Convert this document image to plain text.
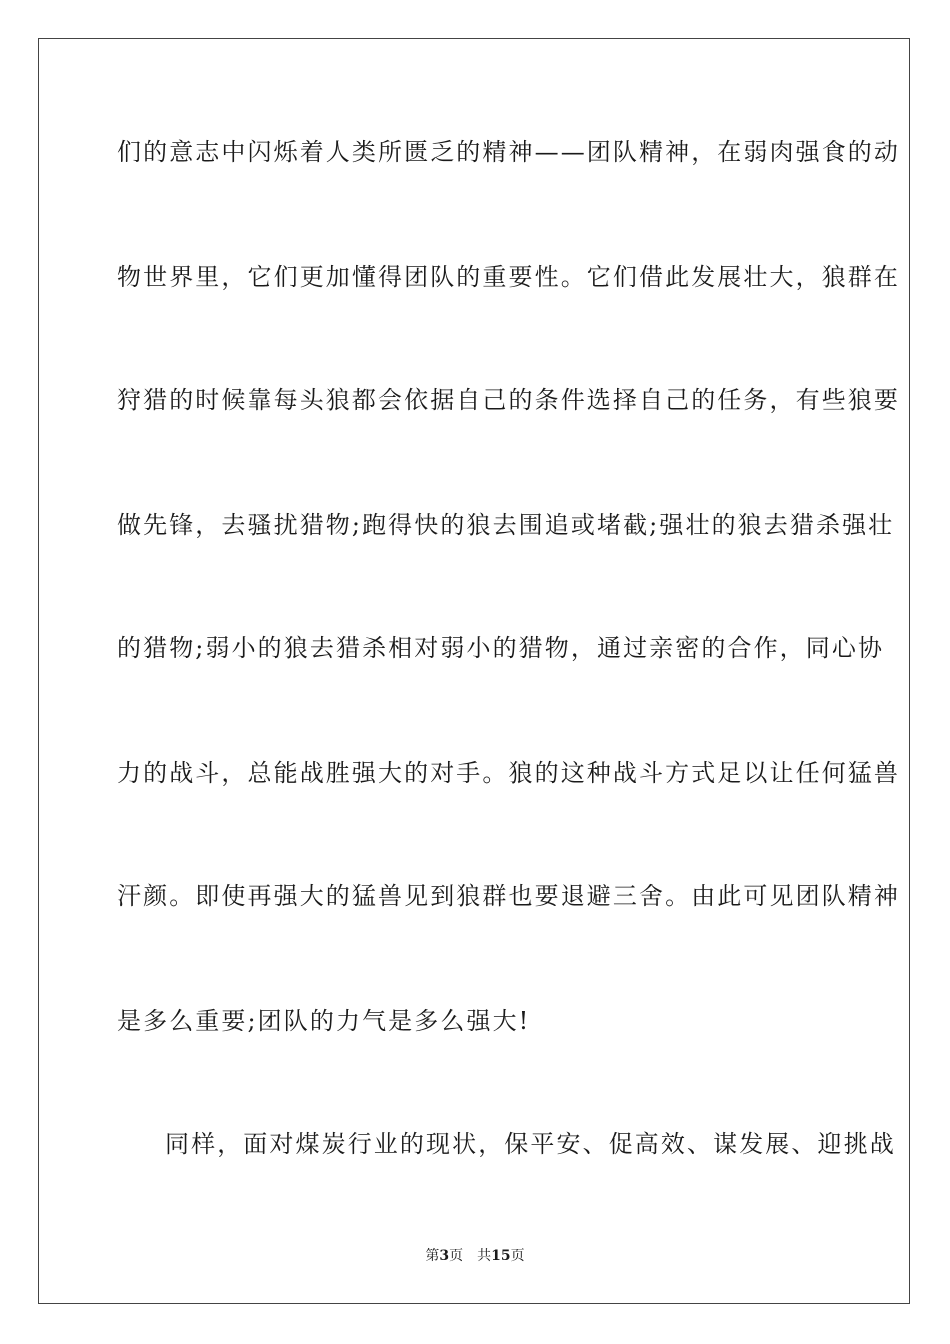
们的意志中闪烁着人类所匮乏的精神——团队精神，在弱肉强食的动
物世界里，它们更加懂得团队的重要性。它们借此发展壮大，狼群在
狩猎的时候靠每头狼都会依据自己的条件选择自己的任务，有些狼要
做先锋，去骚扰猎物;跑得快的狼去围追或堵截;强壮的狼去猎杀强壮
的猎物;弱小的狼去猎杀相对弱小的猎物，通过亲密的合作，同心协
力的战斗，总能战胜强大的对手。狼的这种战斗方式足以让任何猛兽
汗颜。即使再强大的猛兽见到狼群也要退避三舍。由此可见团队精神
是多么重要;团队的力气是多么强大!
同样，面对煤炭行业的现状，保平安、促高效、谋发展、迎挑战
第3页 共15页
